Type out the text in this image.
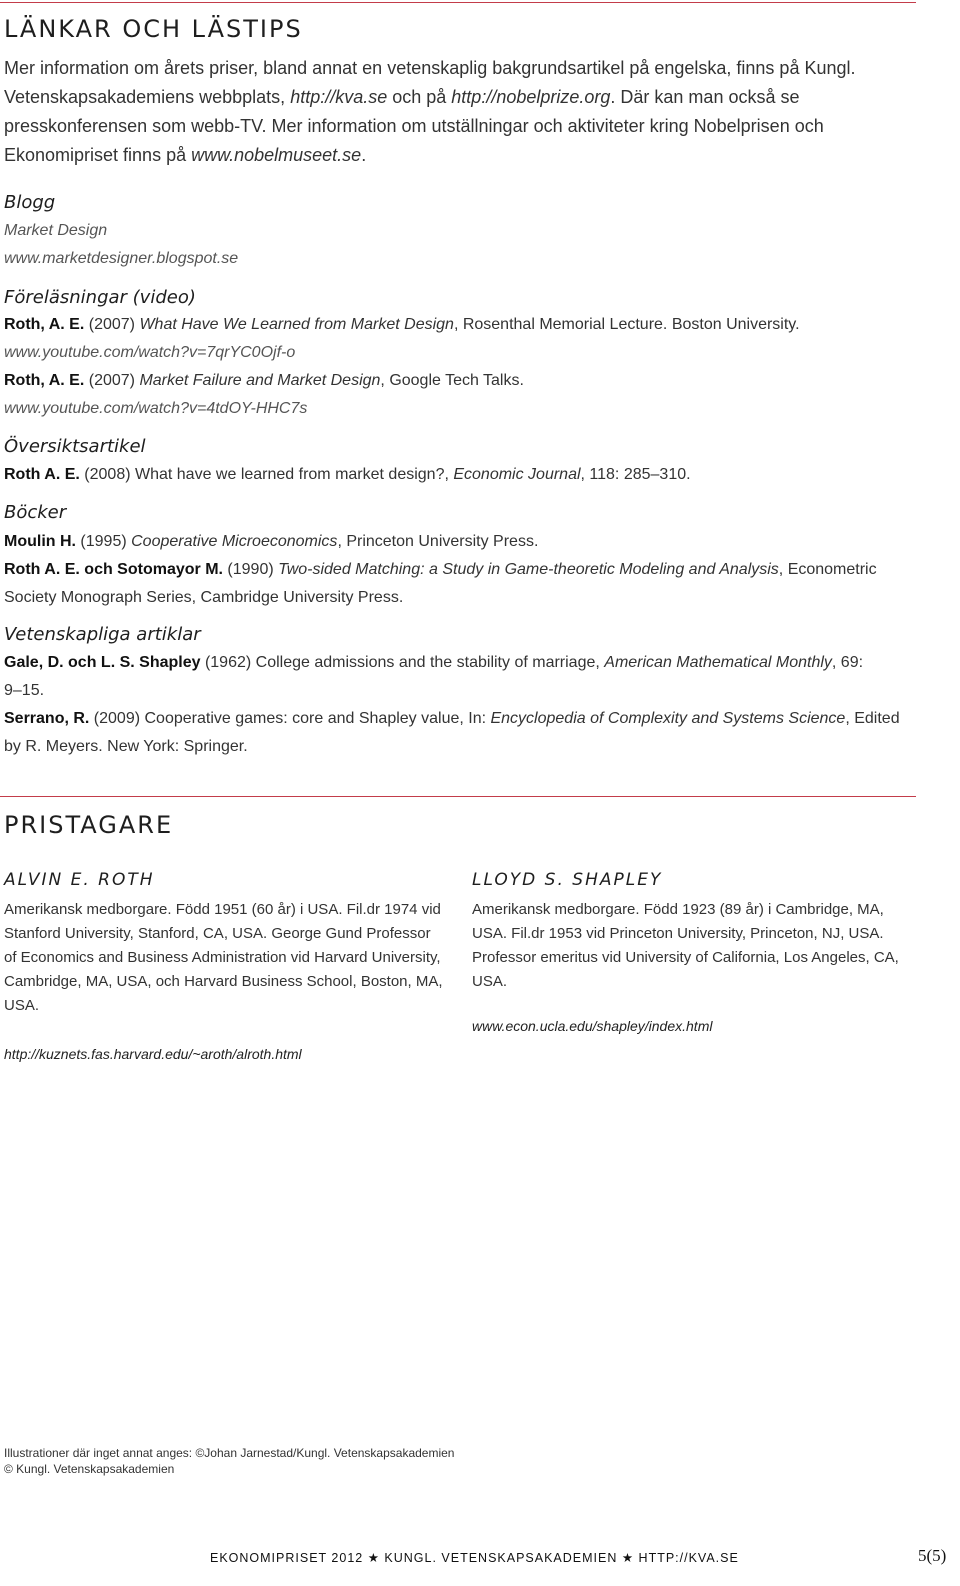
LÄNKAR OCH LÄSTIPS
Mer information om årets priser, bland annat en vetenskaplig bakgrundsartikel på engelska, finns på Kungl. Vetenskapsakademiens webbplats, http://kva.se och på http://nobelprize.org. Där kan man också se presskonferensen som webb-TV. Mer information om utställningar och aktiviteter kring Nobelprisen och Ekonomipriset finns på www.nobelmuseet.se.
Blogg
Market Design
www.marketdesigner.blogspot.se
Föreläsningar (video)
Roth, A. E. (2007) What Have We Learned from Market Design, Rosenthal Memorial Lecture. Boston University.
www.youtube.com/watch?v=7qrYC0Ojf-o
Roth, A. E. (2007) Market Failure and Market Design, Google Tech Talks.
www.youtube.com/watch?v=4tdOY-HHC7s
Översiktsartikel
Roth A. E. (2008) What have we learned from market design?, Economic Journal, 118: 285–310.
Böcker
Moulin H. (1995) Cooperative Microeconomics, Princeton University Press.
Roth A. E. och Sotomayor M. (1990) Two-sided Matching: a Study in Game-theoretic Modeling and Analysis, Econometric Society Monograph Series, Cambridge University Press.
Vetenskapliga artiklar
Gale, D. och L. S. Shapley (1962) College admissions and the stability of marriage, American Mathematical Monthly, 69: 9–15.
Serrano, R. (2009) Cooperative games: core and Shapley value, In: Encyclopedia of Complexity and Systems Science, Edited by R. Meyers. New York: Springer.
PRISTAGARE
ALVIN E. ROTH
Amerikansk medborgare. Född 1951 (60 år) i USA. Fil.dr 1974 vid Stanford University, Stanford, CA, USA. George Gund Professor of Economics and Business Administration vid Harvard University, Cambridge, MA, USA, och Harvard Business School, Boston, MA, USA.
http://kuznets.fas.harvard.edu/~aroth/alroth.html
LLOYD S. SHAPLEY
Amerikansk medborgare. Född 1923 (89 år) i Cambridge, MA, USA. Fil.dr 1953 vid Princeton University, Princeton, NJ, USA. Professor emeritus vid University of California, Los Angeles, CA, USA.
www.econ.ucla.edu/shapley/index.html
Illustrationer där inget annat anges: ©Johan Jarnestad/Kungl. Vetenskapsakademien
© Kungl. Vetenskapsakademien
EKONOMIPRISET 2012 ★ KUNGL. VETENSKAPSAKADEMIEN ★ HTTP://KVA.SE	5(5)
